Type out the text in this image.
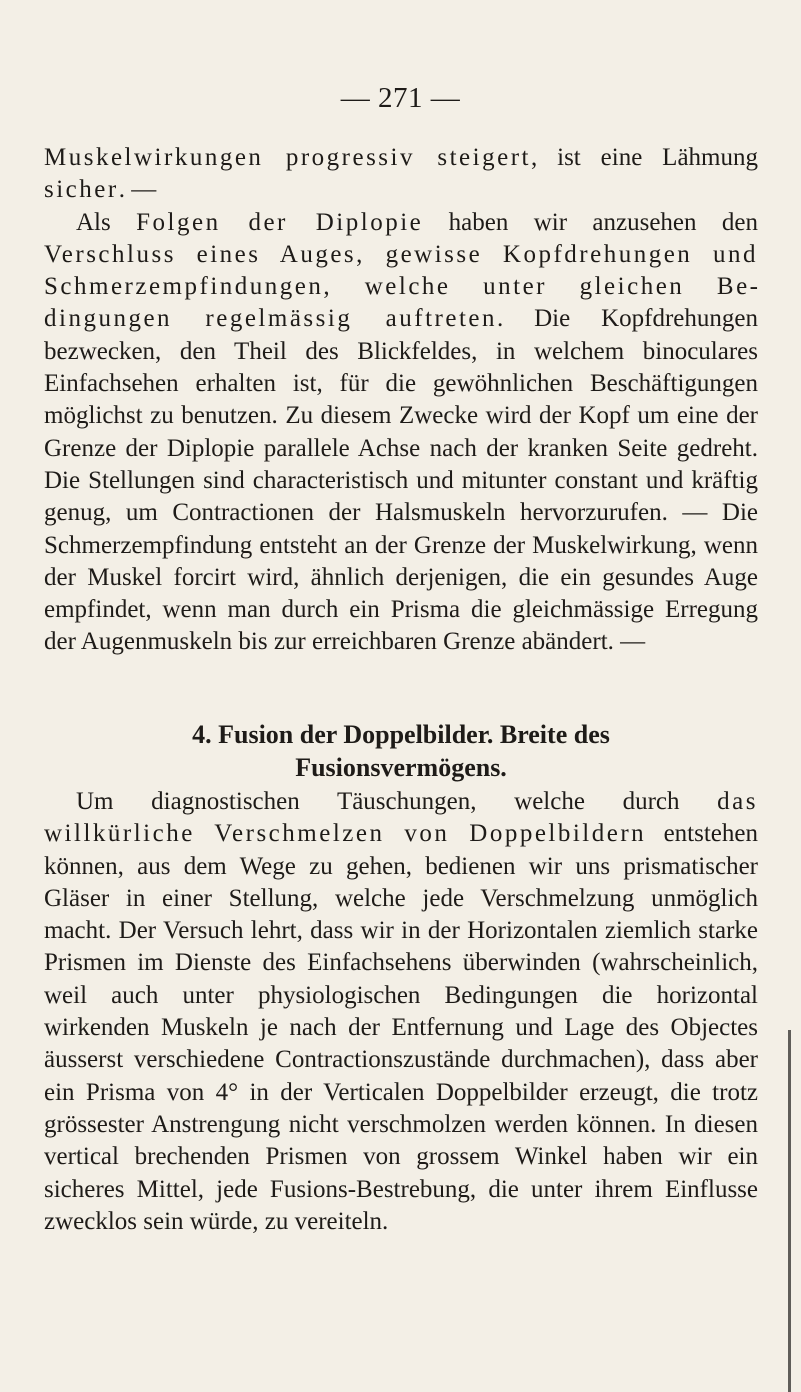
— 271 —

Muskelwirkungen progressiv steigert, ist eine Lähmung sicher. —

Als Folgen der Diplopie haben wir anzusehen den Verschluss eines Auges, gewisse Kopfdrehungen und Schmerzempfindungen, welche unter gleichen Bedingungen regelmässig auftreten. Die Kopfdrehungen bezwecken, den Theil des Blickfeldes, in welchem binoculares Einfachsehen erhalten ist, für die gewöhnlichen Beschäftigungen möglichst zu benutzen. Zu diesem Zwecke wird der Kopf um eine der Grenze der Diplopie parallele Achse nach der kranken Seite gedreht. Die Stellungen sind characteristisch und mitunter constant und kräftig genug, um Contractionen der Halsmuskeln hervorzurufen. — Die Schmerzempfindung entsteht an der Grenze der Muskelwirkung, wenn der Muskel forcirt wird, ähnlich derjenigen, die ein gesundes Auge empfindet, wenn man durch ein Prisma die gleichmässige Erregung der Augenmuskeln bis zur erreichbaren Grenze abändert. —

4. Fusion der Doppelbilder. Breite des
Fusionsvermögens.

Um diagnostischen Täuschungen, welche durch das willkürliche Verschmelzen von Doppelbildern entstehen können, aus dem Wege zu gehen, bedienen wir uns prismatischer Gläser in einer Stellung, welche jede Verschmelzung unmöglich macht. Der Versuch lehrt, dass wir in der Horizontalen ziemlich starke Prismen im Dienste des Einfachsehens überwinden (wahrscheinlich, weil auch unter physiologischen Bedingungen die horizontal wirkenden Muskeln je nach der Entfernung und Lage des Objectes äusserst verschiedene Contractionszustände durchmachen), dass aber ein Prisma von 4° in der Verticalen Doppelbilder erzeugt, die trotz grössester Anstrengung nicht verschmolzen werden können. In diesen vertical brechenden Prismen von grossem Winkel haben wir ein sicheres Mittel, jede Fusions-Bestrebung, die unter ihrem Einflusse zwecklos sein würde, zu vereiteln.
